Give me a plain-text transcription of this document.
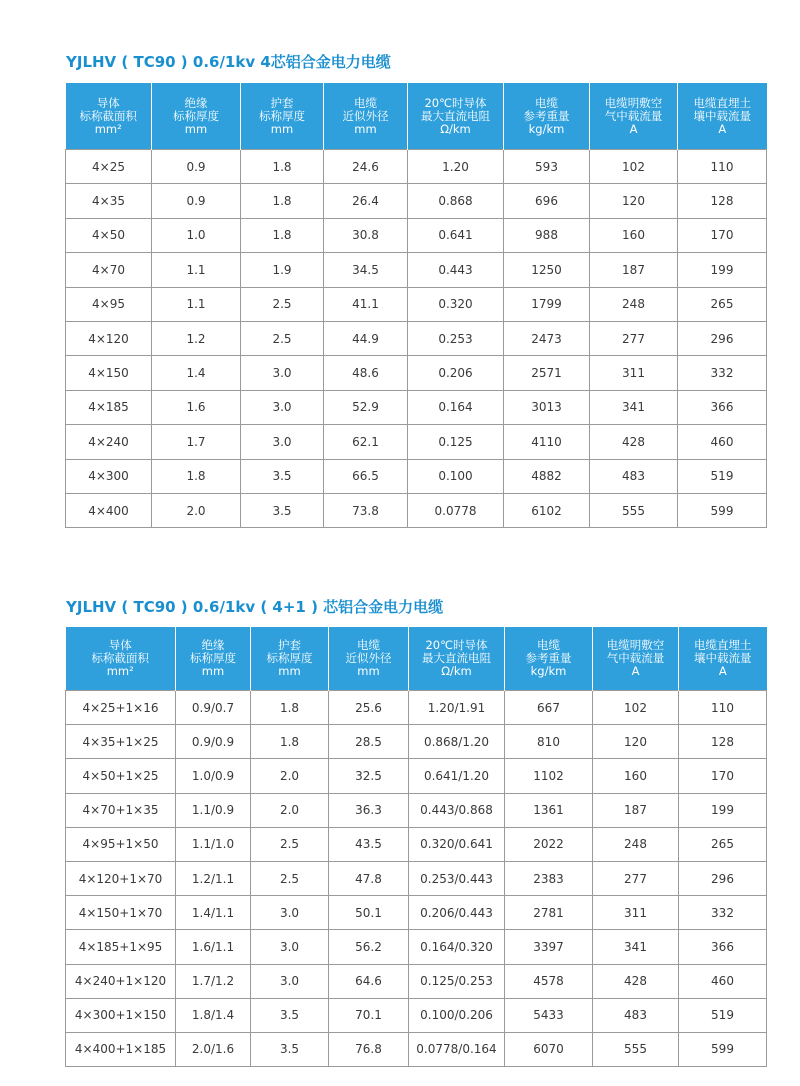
YJLHV ( TC90 ) 0.6/1kv 4芯铝合金电力电缆
导体
标称截面积
mm²	绝缘
标称厚度
mm	护套
标称厚度
mm	电缆
近似外径
mm	20℃时导体
最大直流电阻
Ω/km	电缆
参考重量
kg/km	电缆明敷空
气中载流量
A	电缆直埋土
壤中载流量
A

4×25	0.9	1.8	24.6	1.20	593	102	110
4×35	0.9	1.8	26.4	0.868	696	120	128
4×50	1.0	1.8	30.8	0.641	988	160	170
4×70	1.1	1.9	34.5	0.443	1250	187	199
4×95	1.1	2.5	41.1	0.320	1799	248	265
4×120	1.2	2.5	44.9	0.253	2473	277	296
4×150	1.4	3.0	48.6	0.206	2571	311	332
4×185	1.6	3.0	52.9	0.164	3013	341	366
4×240	1.7	3.0	62.1	0.125	4110	428	460
4×300	1.8	3.5	66.5	0.100	4882	483	519
4×400	2.0	3.5	73.8	0.0778	6102	555	599
YJLHV ( TC90 ) 0.6/1kv ( 4+1 ) 芯铝合金电力电缆
导体
标称截面积
mm²	绝缘
标称厚度
mm	护套
标称厚度
mm	电缆
近似外径
mm	20℃时导体
最大直流电阻
Ω/km	电缆
参考重量
kg/km	电缆明敷空
气中载流量
A	电缆直埋土
壤中载流量
A

4×25+1×16	0.9/0.7	1.8	25.6	1.20/1.91	667	102	110
4×35+1×25	0.9/0.9	1.8	28.5	0.868/1.20	810	120	128
4×50+1×25	1.0/0.9	2.0	32.5	0.641/1.20	1102	160	170
4×70+1×35	1.1/0.9	2.0	36.3	0.443/0.868	1361	187	199
4×95+1×50	1.1/1.0	2.5	43.5	0.320/0.641	2022	248	265
4×120+1×70	1.2/1.1	2.5	47.8	0.253/0.443	2383	277	296
4×150+1×70	1.4/1.1	3.0	50.1	0.206/0.443	2781	311	332
4×185+1×95	1.6/1.1	3.0	56.2	0.164/0.320	3397	341	366
4×240+1×120	1.7/1.2	3.0	64.6	0.125/0.253	4578	428	460
4×300+1×150	1.8/1.4	3.5	70.1	0.100/0.206	5433	483	519
4×400+1×185	2.0/1.6	3.5	76.8	0.0778/0.164	6070	555	599
